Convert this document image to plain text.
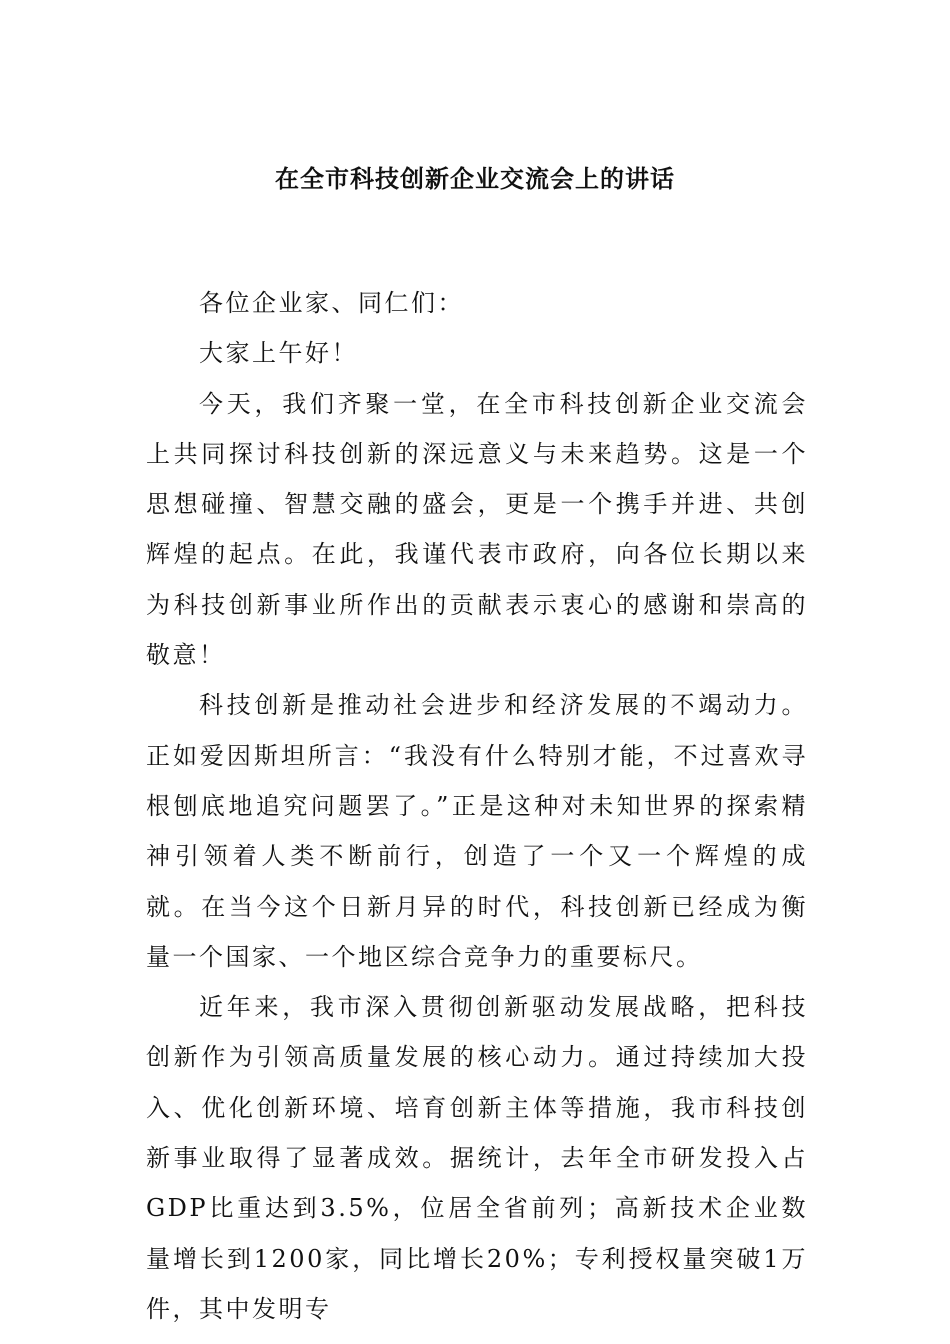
在全市科技创新企业交流会上的讲话

各位企业家、同仁们：

大家上午好！

今天，我们齐聚一堂，在全市科技创新企业交流会上共同探讨科技创新的深远意义与未来趋势。这是一个思想碰撞、智慧交融的盛会，更是一个携手并进、共创辉煌的起点。在此，我谨代表市政府，向各位长期以来为科技创新事业所作出的贡献表示衷心的感谢和崇高的敬意！

科技创新是推动社会进步和经济发展的不竭动力。正如爱因斯坦所言：“我没有什么特别才能，不过喜欢寻根刨底地追究问题罢了。”正是这种对未知世界的探索精神引领着人类不断前行，创造了一个又一个辉煌的成就。在当今这个日新月异的时代，科技创新已经成为衡量一个国家、一个地区综合竞争力的重要标尺。

近年来，我市深入贯彻创新驱动发展战略，把科技创新作为引领高质量发展的核心动力。通过持续加大投入、优化创新环境、培育创新主体等措施，我市科技创新事业取得了显著成效。据统计，去年全市研发投入占GDP比重达到3.5%，位居全省前列；高新技术企业数量增长到1200家，同比增长20%；专利授权量突破1万件，其中发明专
